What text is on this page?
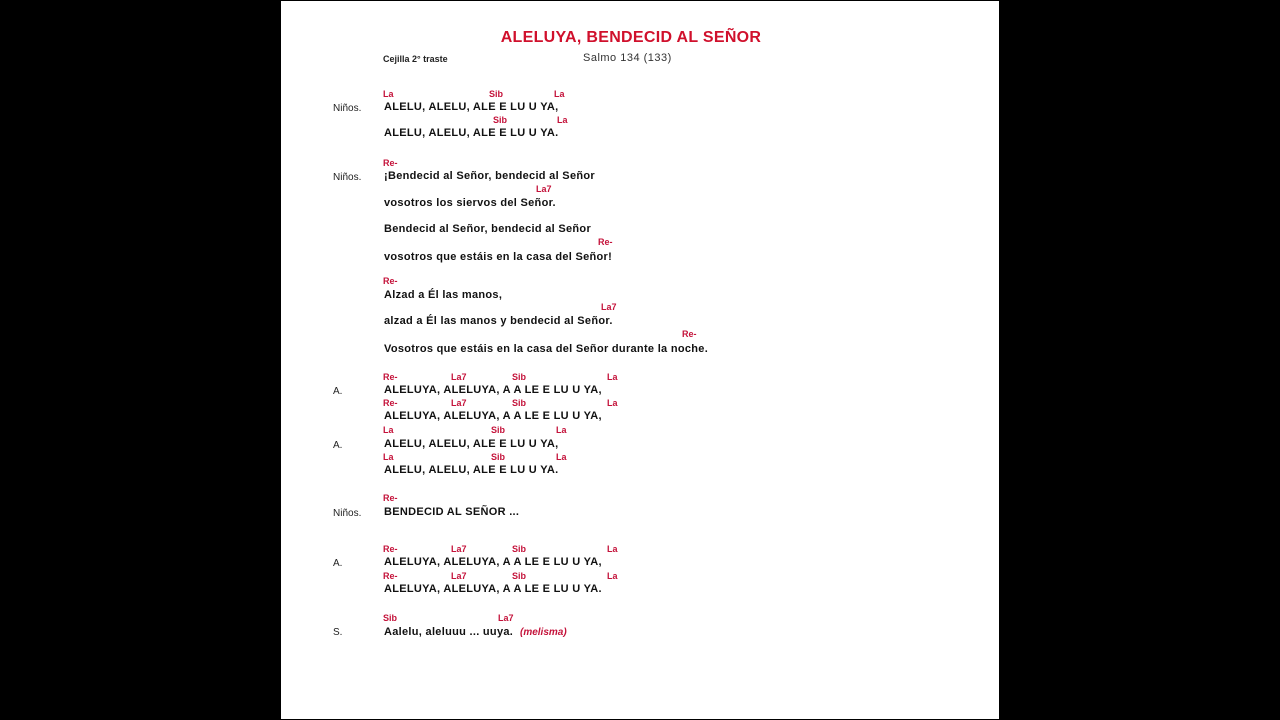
ALELUYA, BENDECID AL SEÑOR
Cejilla 2° traste	Salmo 134 (133)
La	Sib	La
Niños. ALELU, ALELU, ALE E LU U YA,
Sib	La
ALELU, ALELU, ALE E LU U YA.
Re-
Niños. ¡Bendecid al Señor, bendecid al Señor
La7
vosotros los siervos del Señor.
Bendecid al Señor, bendecid al Señor
Re-
vosotros que estáis en la casa del Señor!
Re-
Alzad a Él las manos,
La7
alzad a Él las manos y bendecid al Señor.
Re-
Vosotros que estáis en la casa del Señor durante la noche.
Re-	La7	Sib	La
A.	ALELUYA, ALELUYA, A A LE E LU U YA,
Re-	La7	Sib	La
ALELUYA, ALELUYA, A A LE E LU U YA,
La	Sib	La
A.	ALELU, ALELU, ALE E LU U YA,
La	Sib	La
ALELU, ALELU, ALE E LU U YA.
Re-
Niños. BENDECID AL SEÑOR ...
Re-	La7	Sib	La
A.	ALELUYA, ALELUYA, A A LE E LU U YA,
Re-	La7	Sib	La
ALELUYA, ALELUYA, A A LE E LU U YA.
Sib	La7
S.	Aalelu, aleluuu ... uuya. (melisma)
